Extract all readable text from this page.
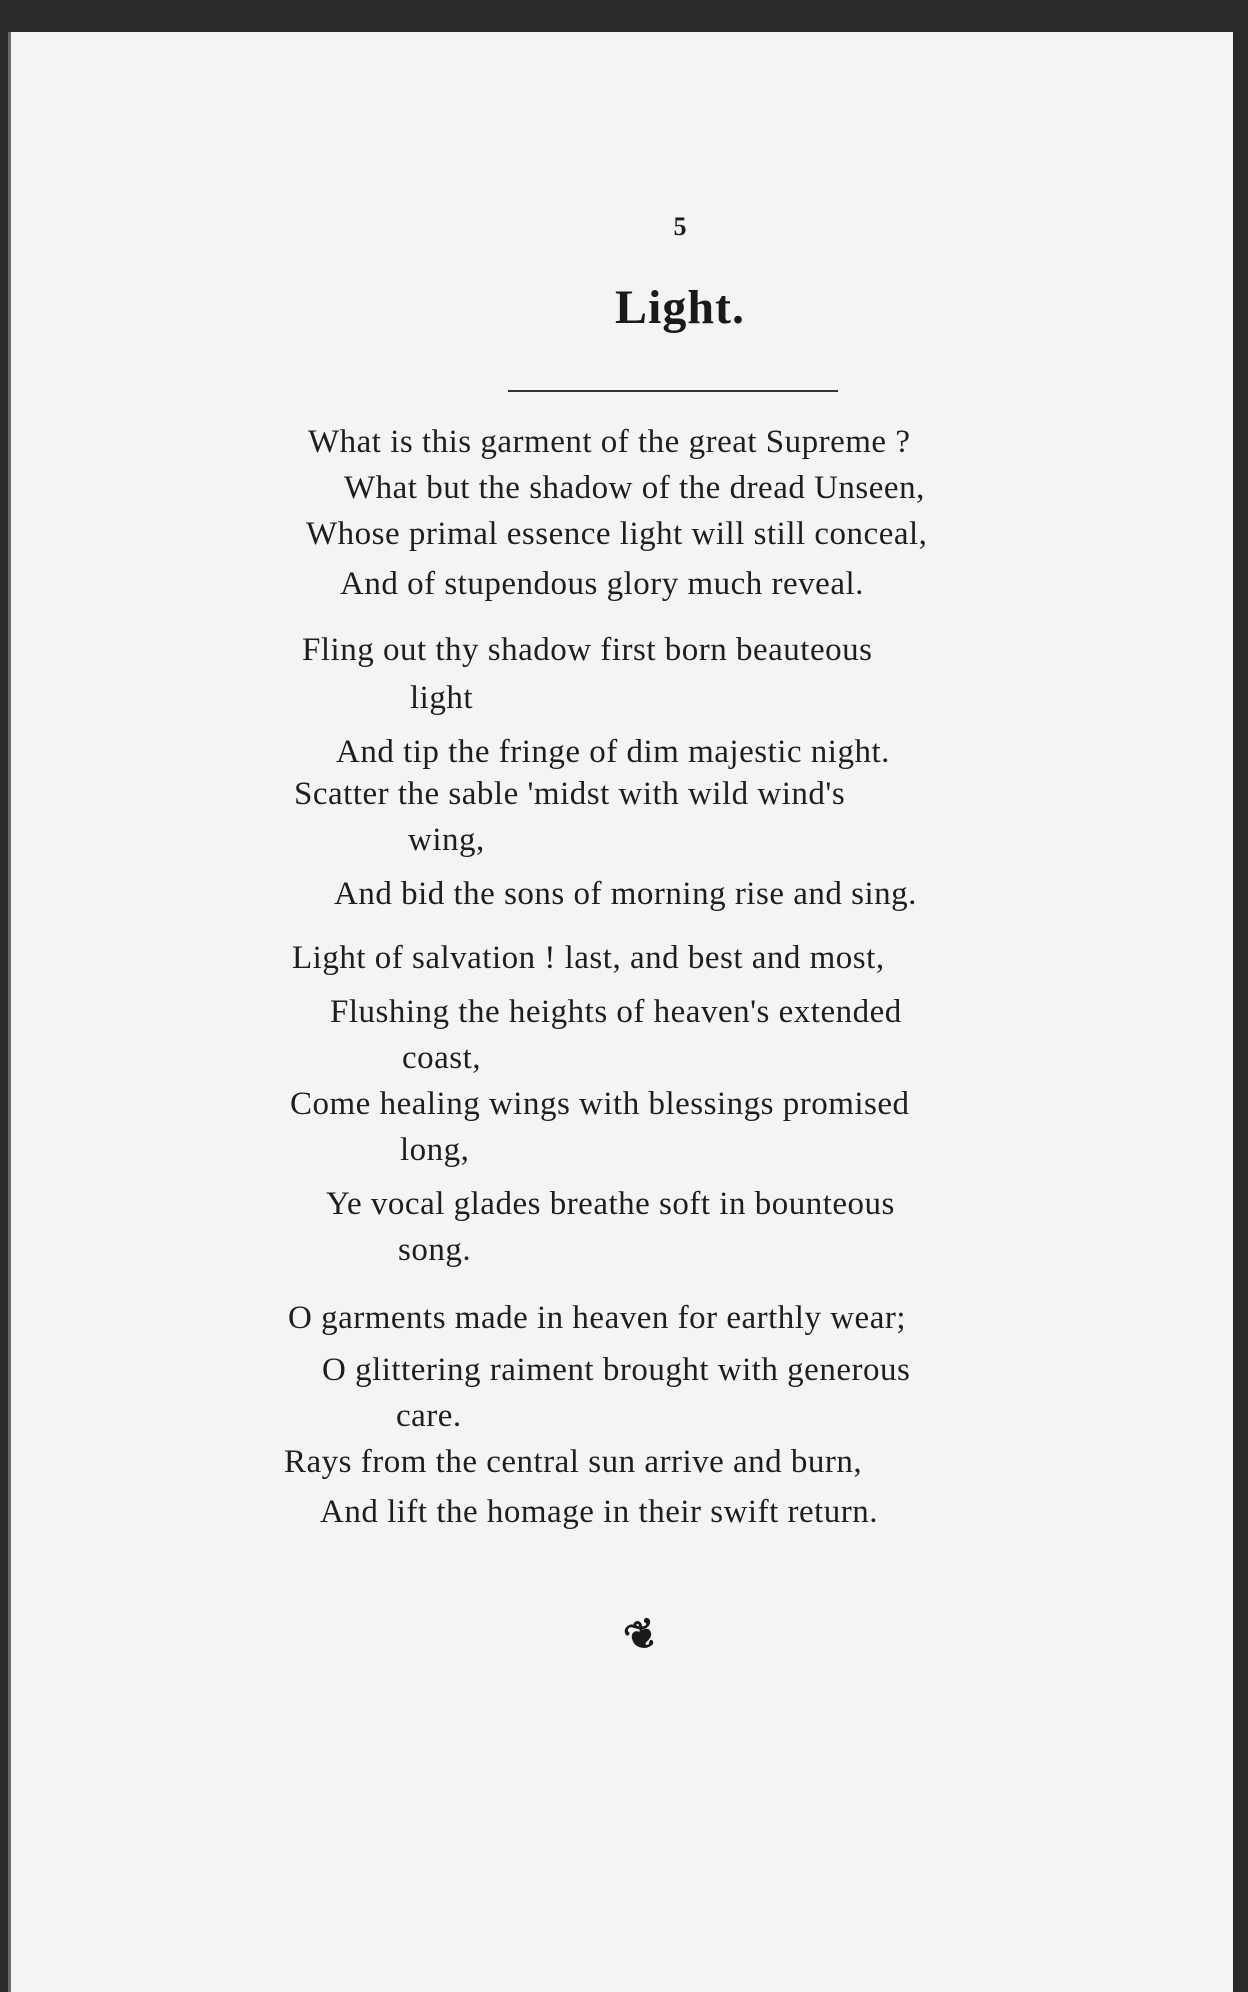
5
Light.
What is this garment of the great Supreme ?
What but the shadow of the dread Unseen,
Whose primal essence light will still conceal,
And of stupendous glory much reveal.
Fling out thy shadow first born beauteous
light
And tip the fringe of dim majestic night.
Scatter the sable 'midst with wild wind's
wing,
And bid the sons of morning rise and sing.
Light of salvation ! last, and best and most,
Flushing the heights of heaven's extended
coast,
Come healing wings with blessings promised
long,
Ye vocal glades breathe soft in bounteous
song.
O garments made in heaven for earthly wear;
O glittering raiment brought with generous
care.
Rays from the central sun arrive and burn,
And lift the homage in their swift return.
❦
